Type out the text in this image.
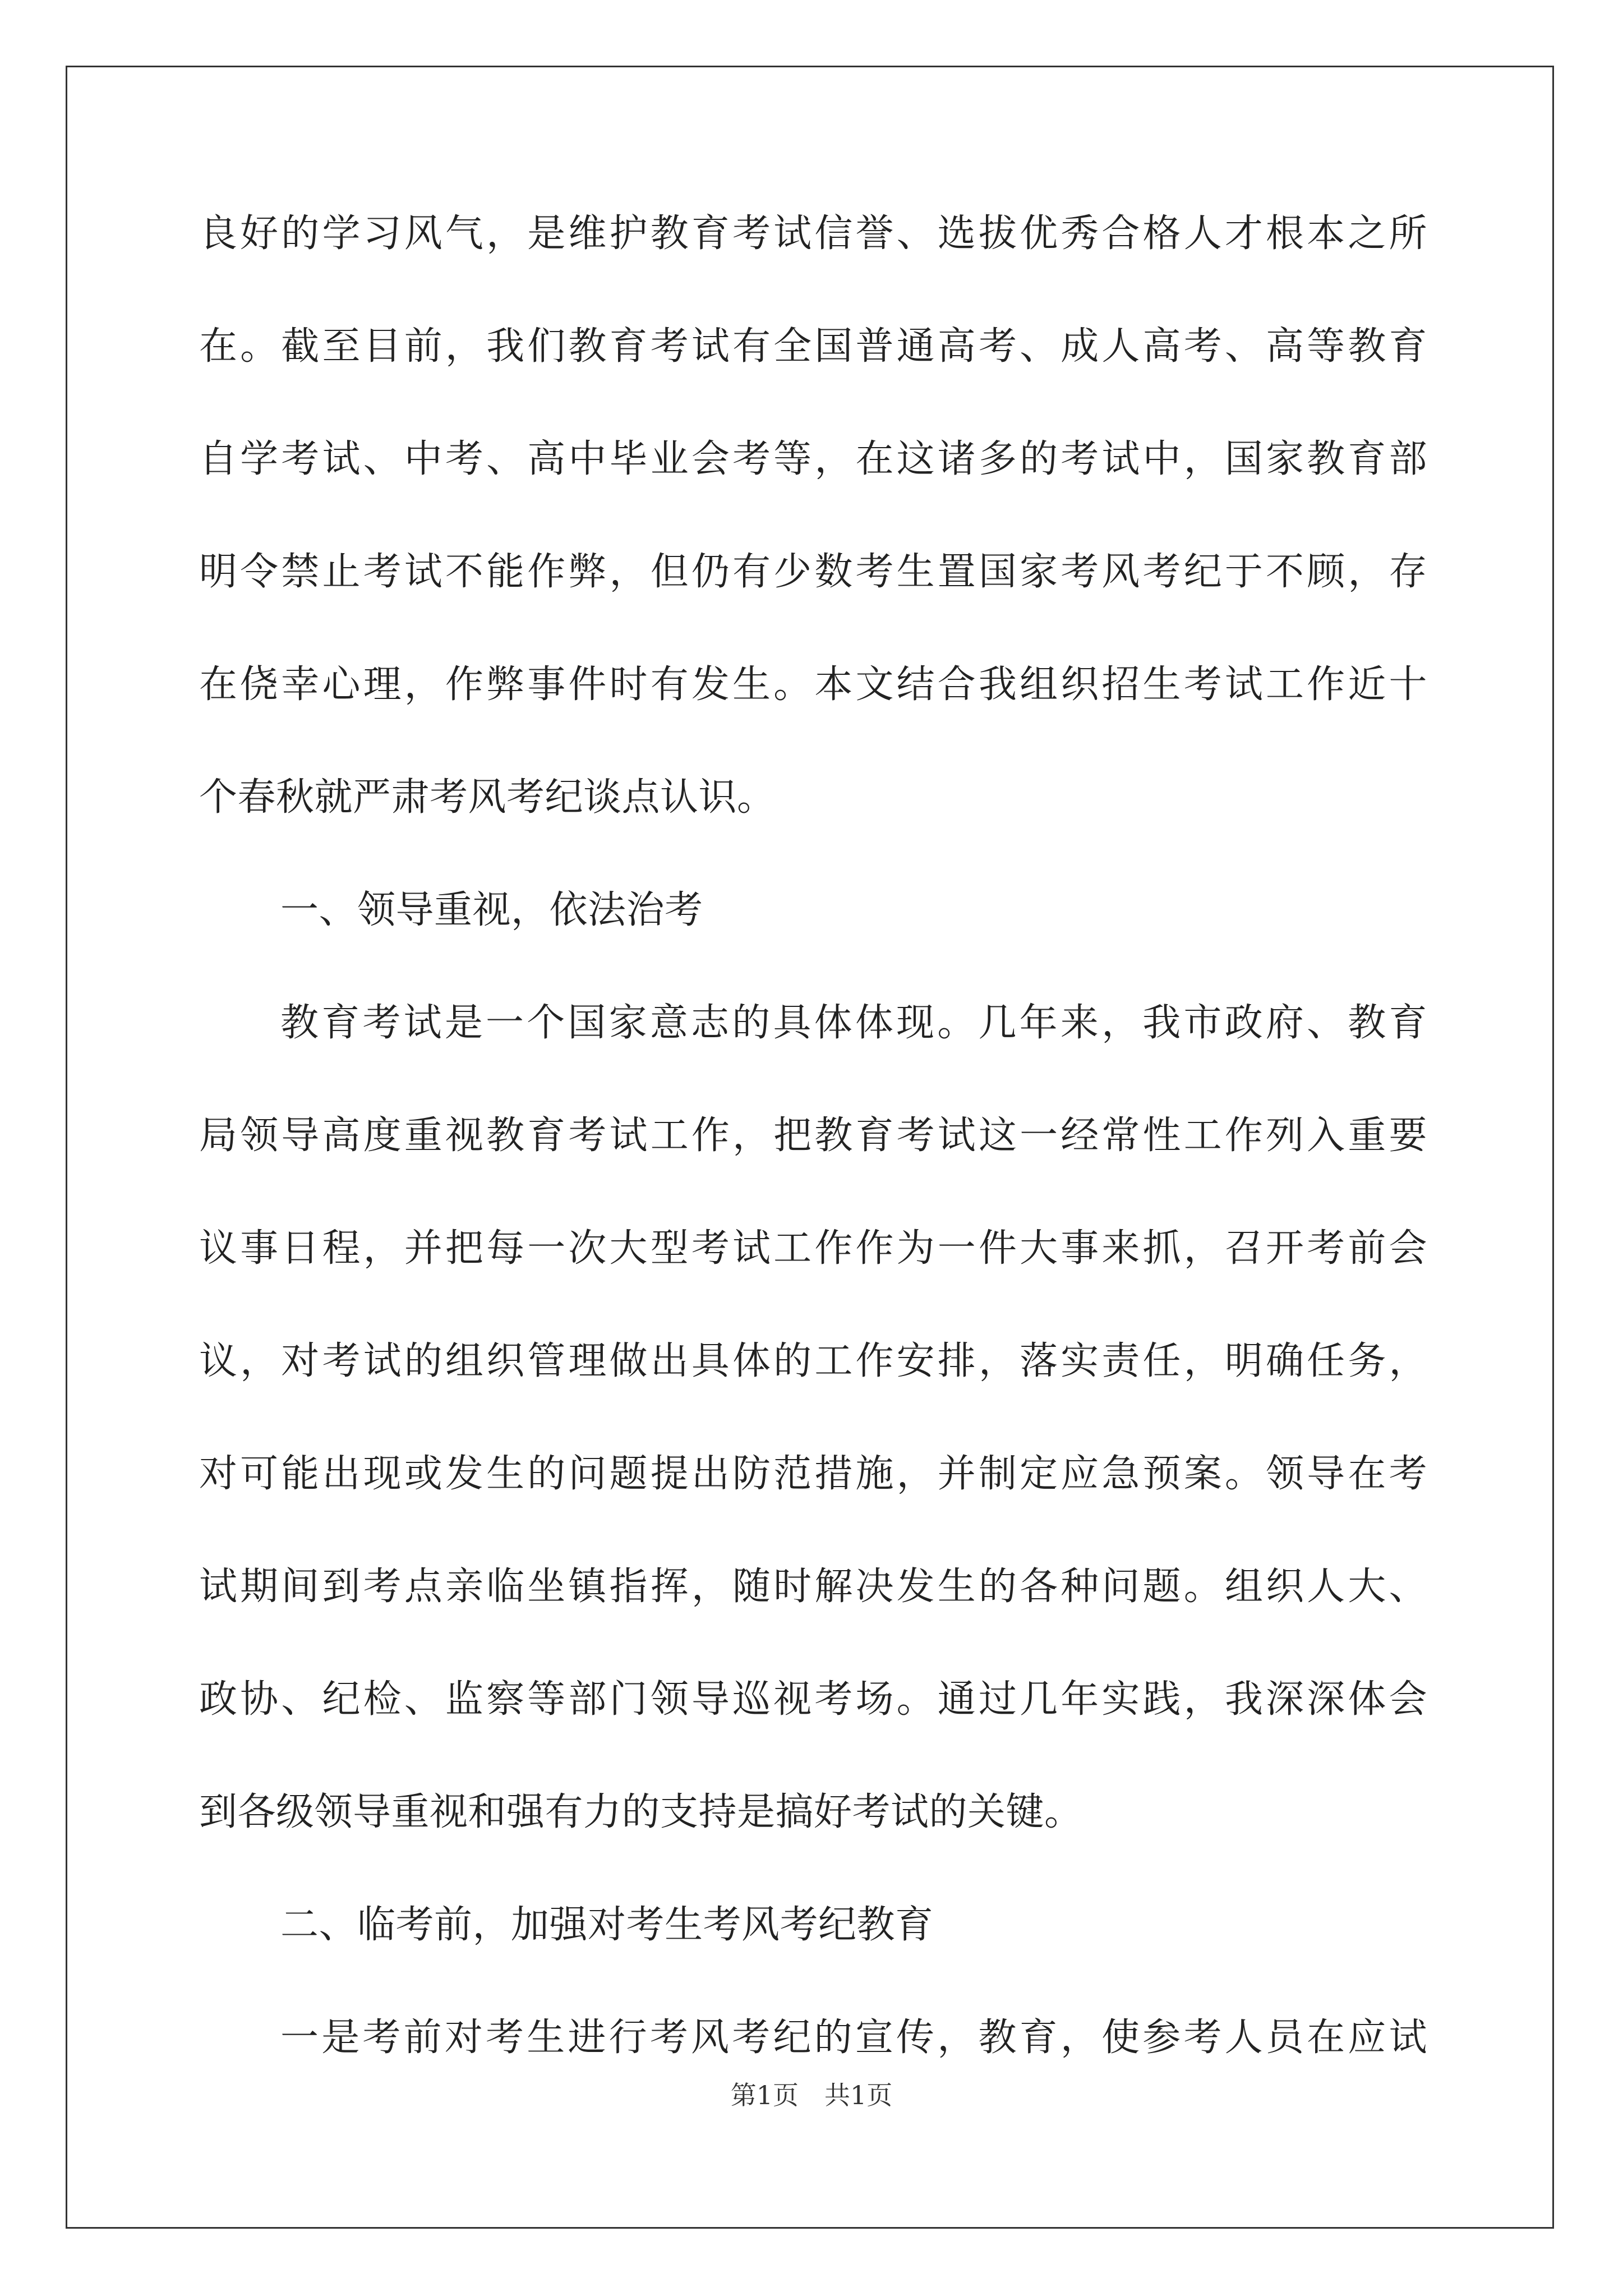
良好的学习风气，是维护教育考试信誉、选拔优秀合格人才根本之所
在。截至目前，我们教育考试有全国普通高考、成人高考、高等教育
自学考试、中考、高中毕业会考等，在这诸多的考试中，国家教育部
明令禁止考试不能作弊，但仍有少数考生置国家考风考纪于不顾，存
在侥幸心理，作弊事件时有发生。本文结合我组织招生考试工作近十
个春秋就严肃考风考纪谈点认识。
一、领导重视，依法治考
教育考试是一个国家意志的具体体现。几年来，我市政府、教育
局领导高度重视教育考试工作，把教育考试这一经常性工作列入重要
议事日程，并把每一次大型考试工作作为一件大事来抓，召开考前会
议，对考试的组织管理做出具体的工作安排，落实责任，明确任务，
对可能出现或发生的问题提出防范措施，并制定应急预案。领导在考
试期间到考点亲临坐镇指挥，随时解决发生的各种问题。组织人大、
政协、纪检、监察等部门领导巡视考场。通过几年实践，我深深体会
到各级领导重视和强有力的支持是搞好考试的关键。
二、临考前，加强对考生考风考纪教育
一是考前对考生进行考风考纪的宣传，教育，使参考人员在应试
第1页　共1页
